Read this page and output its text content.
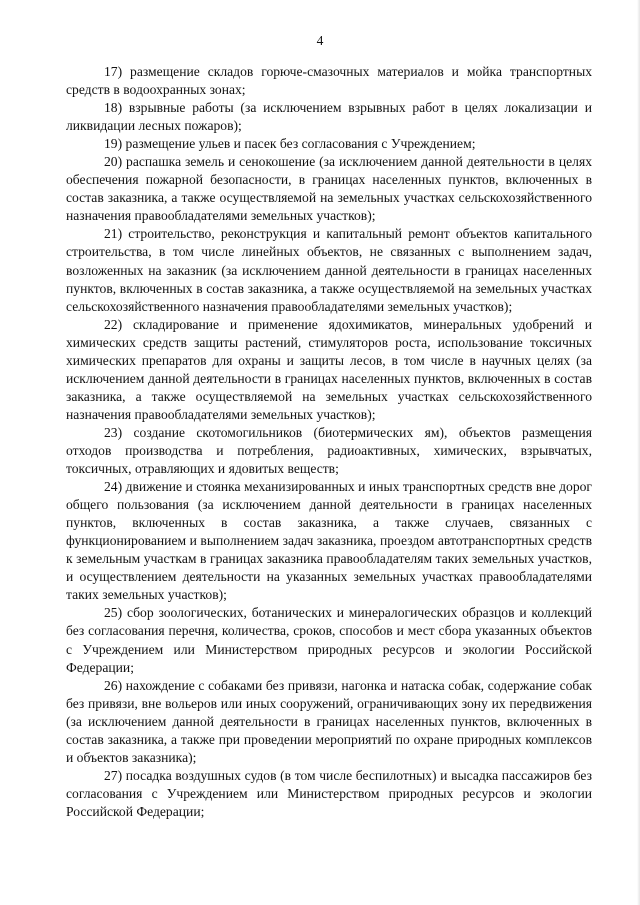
4

17) размещение складов горюче-смазочных материалов и мойка транспортных средств в водоохранных зонах;

18) взрывные работы (за исключением взрывных работ в целях локализации и ликвидации лесных пожаров);

19) размещение ульев и пасек без согласования с Учреждением;

20) распашка земель и сенокошение (за исключением данной деятельности в целях обеспечения пожарной безопасности, в границах населенных пунктов, включенных в состав заказника, а также осуществляемой на земельных участках сельскохозяйственного назначения правообладателями земельных участков);

21) строительство, реконструкция и капитальный ремонт объектов капитального строительства, в том числе линейных объектов, не связанных с выполнением задач, возложенных на заказник (за исключением данной деятельности в границах населенных пунктов, включенных в состав заказника, а также осуществляемой на земельных участках сельскохозяйственного назначения правообладателями земельных участков);

22) складирование и применение ядохимикатов, минеральных удобрений и химических средств защиты растений, стимуляторов роста, использование токсичных химических препаратов для охраны и защиты лесов, в том числе в научных целях (за исключением данной деятельности в границах населенных пунктов, включенных в состав заказника, а также осуществляемой на земельных участках сельскохозяйственного назначения правообладателями земельных участков);

23) создание скотомогильников (биотермических ям), объектов размещения отходов производства и потребления, радиоактивных, химических, взрывчатых, токсичных, отравляющих и ядовитых веществ;

24) движение и стоянка механизированных и иных транспортных средств вне дорог общего пользования (за исключением данной деятельности в границах населенных пунктов, включенных в состав заказника, а также случаев, связанных с функционированием и выполнением задач заказника, проездом автотранспортных средств к земельным участкам в границах заказника правообладателям таких земельных участков, и осуществлением деятельности на указанных земельных участках правообладателями таких земельных участков);

25) сбор зоологических, ботанических и минералогических образцов и коллекций без согласования перечня, количества, сроков, способов и мест сбора указанных объектов с Учреждением или Министерством природных ресурсов и экологии Российской Федерации;

26) нахождение с собаками без привязи, нагонка и натаска собак, содержание собак без привязи, вне вольеров или иных сооружений, ограничивающих зону их передвижения (за исключением данной деятельности в границах населенных пунктов, включенных в состав заказника, а также при проведении мероприятий по охране природных комплексов и объектов заказника);

27) посадка воздушных судов (в том числе беспилотных) и высадка пассажиров без согласования с Учреждением или Министерством природных ресурсов и экологии Российской Федерации;
